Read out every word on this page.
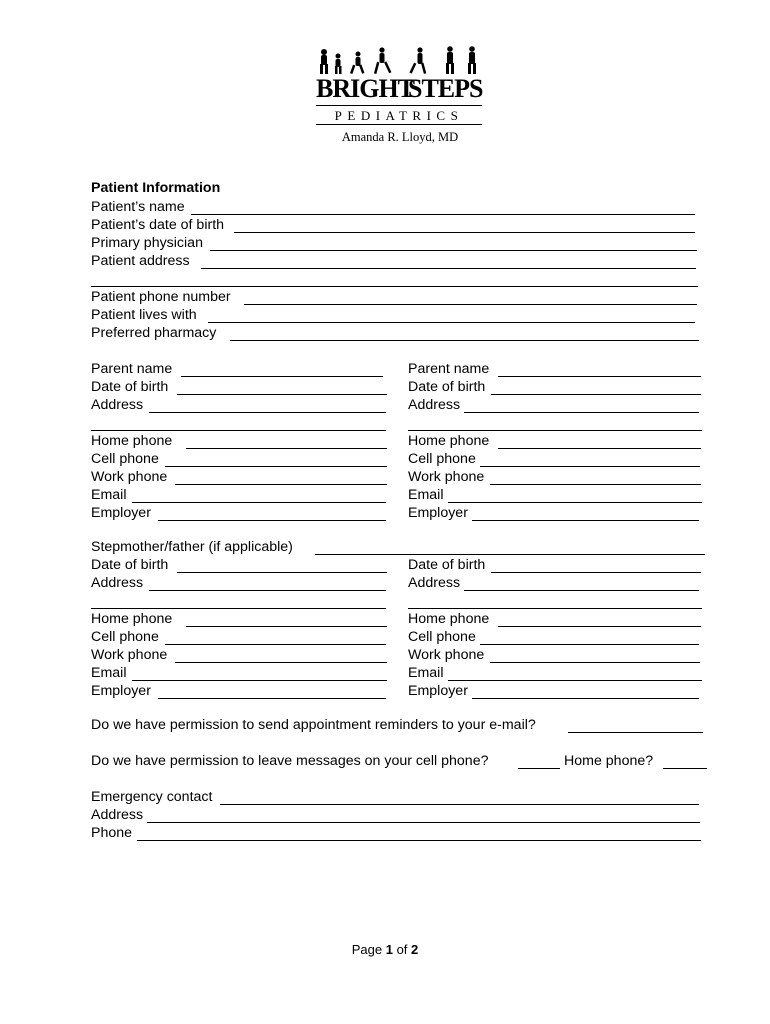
BRIGHT
STEPS
PEDIATRICS
Amanda R. Lloyd, MD
Patient Information
Patient’s name
Patient’s date of birth
Primary physician
Patient address
Patient phone number
Patient lives with
Preferred pharmacy
Parent name
Date of birth
Address
Home phone
Cell phone
Work phone
Email
Employer
Parent name
Date of birth
Address
Home phone
Cell phone
Work phone
Email
Employer
Stepmother/father (if applicable)
Date of birth
Address
Home phone
Cell phone
Work phone
Email
Employer
Date of birth
Address
Home phone
Cell phone
Work phone
Email
Employer
Do we have permission to send appointment reminders to your e-mail?
Do we have permission to leave messages on your cell phone?	Home phone?
Emergency contact
Address
Phone
Page 1 of 2
